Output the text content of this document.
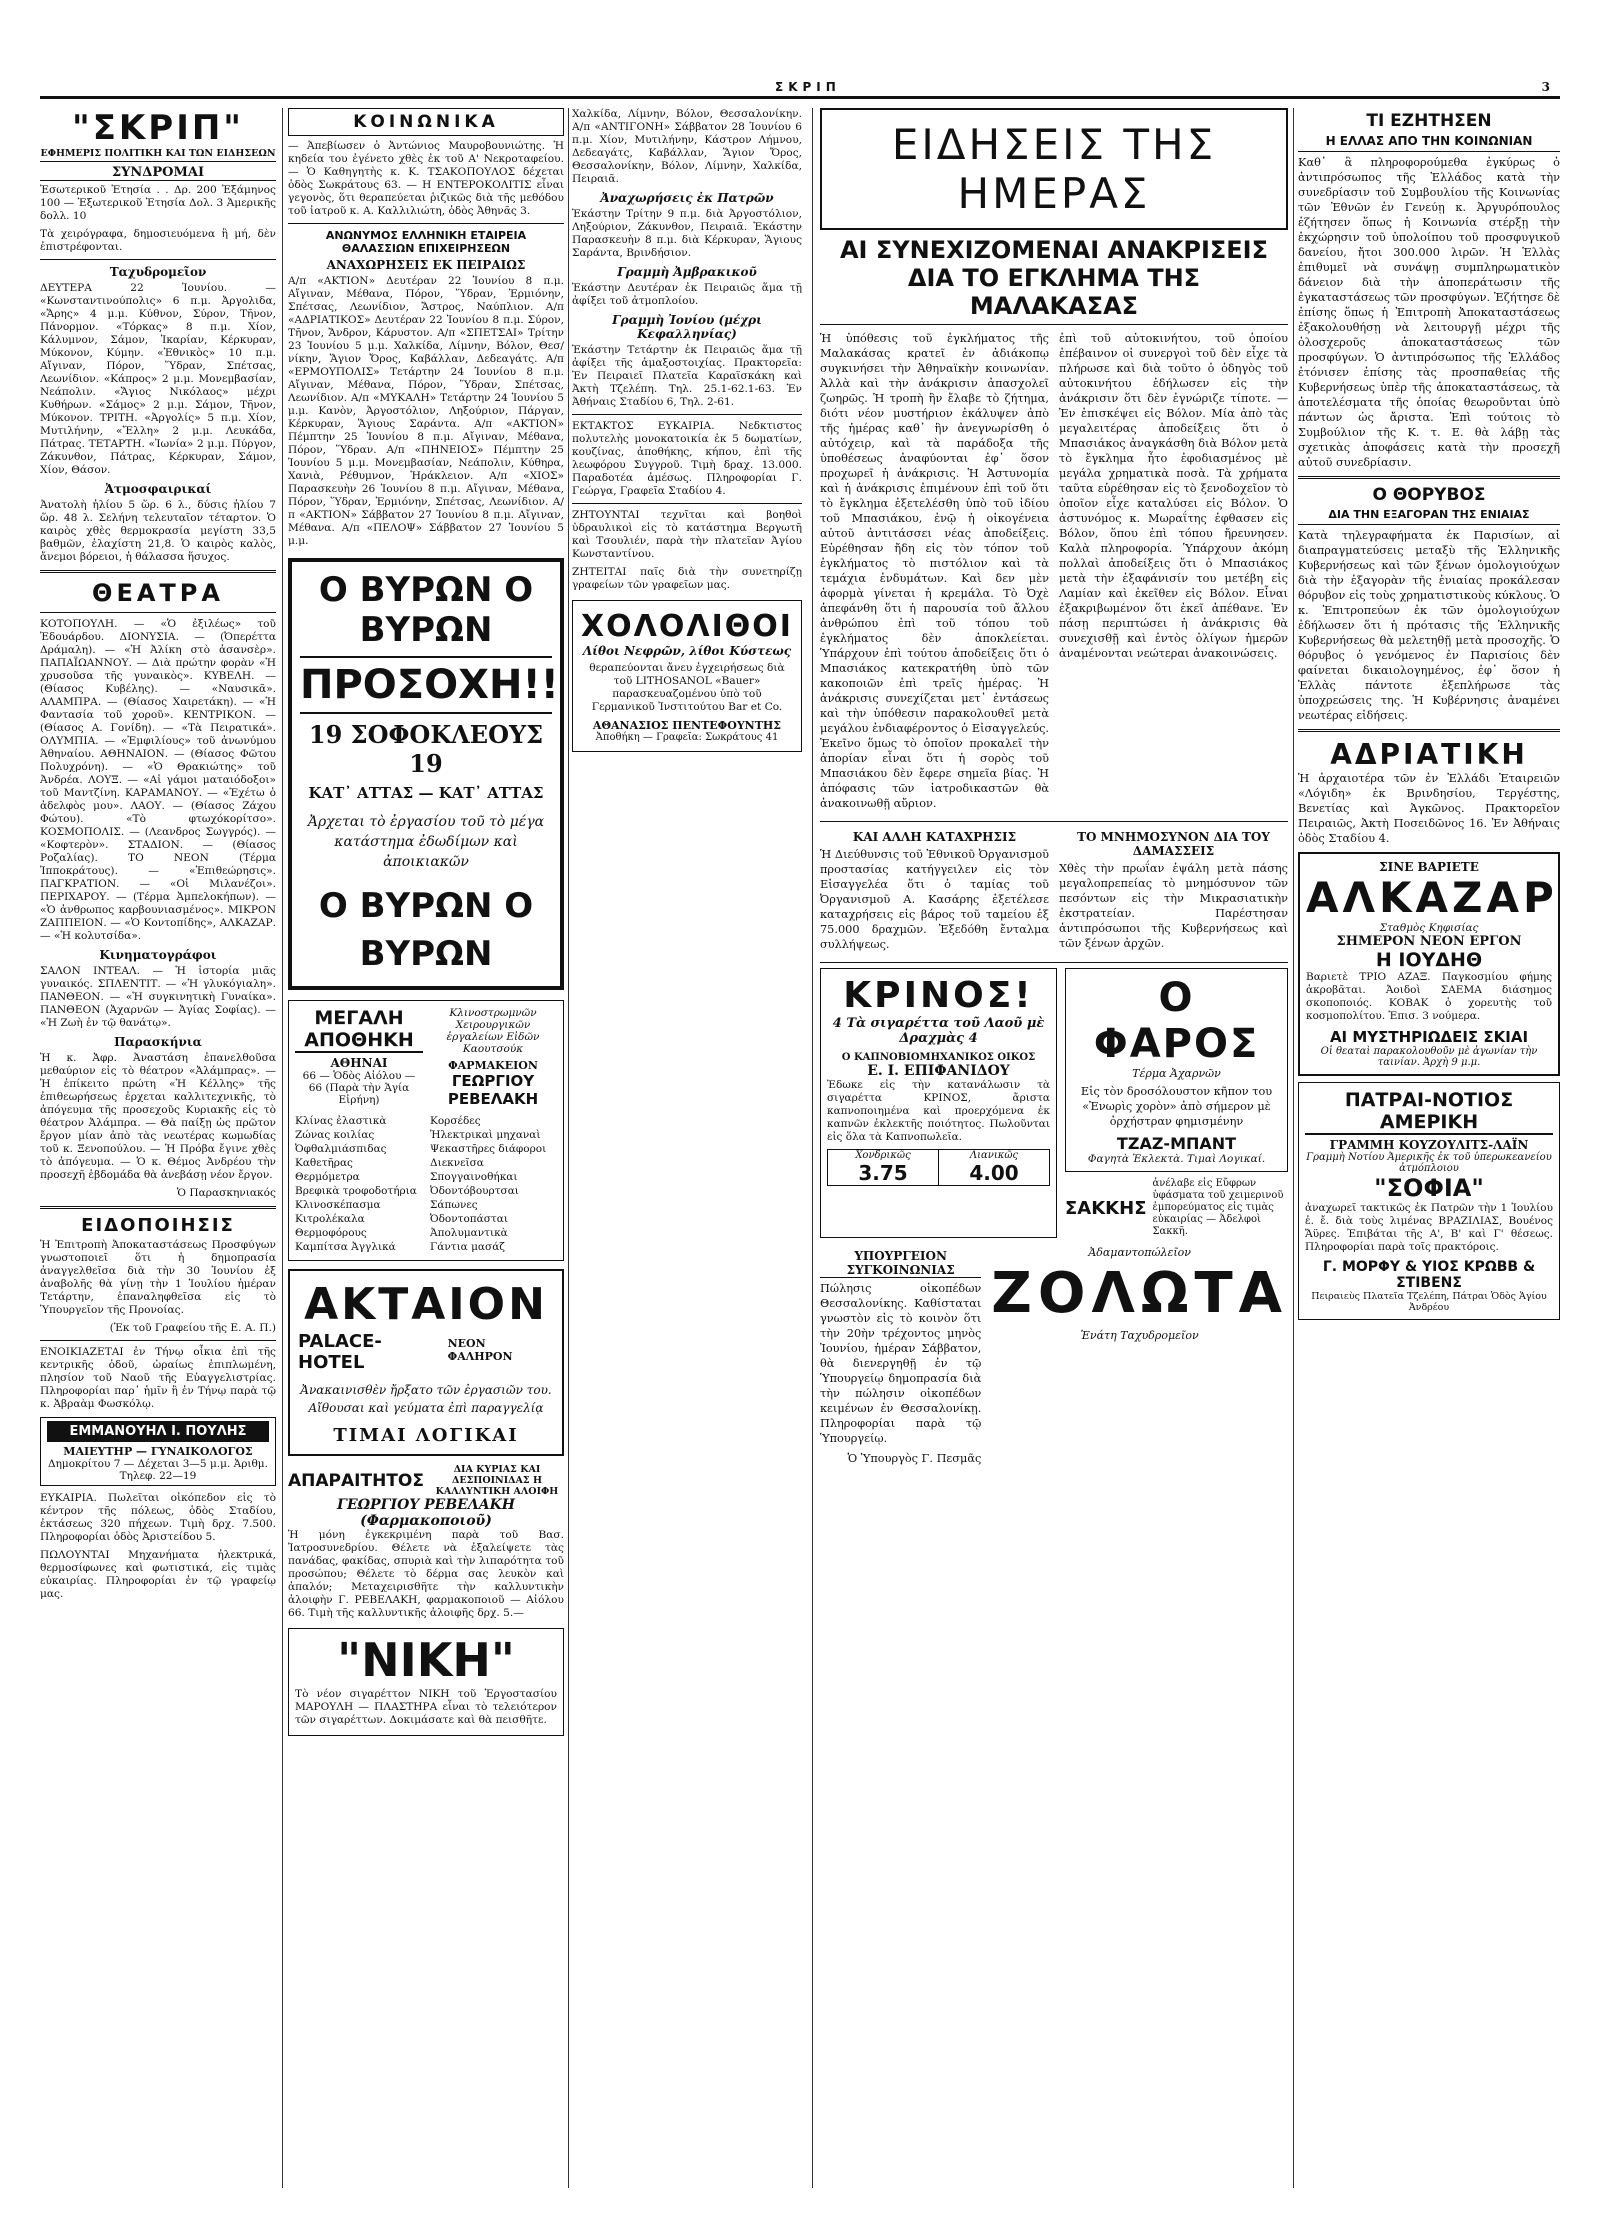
ΣΚΡΙΠ	3
"ΣΚΡΙΠ"
ΕΦΗΜΕΡΙΣ ΠΟΛΙΤΙΚΗ ΚΑΙ ΤΩΝ ΕΙΔΗΣΕΩΝ
ΣΥΝΔΡΟΜΑΙ

Ἐσωτερικοῦ Ἐτησία . . Δρ. 200 Ἑξάμηνος 100 — Ἐξωτερικοῦ Ἐτησία Δολ. 3 Ἀμερικῆς δολλ. 10

Τὰ χειρόγραφα, δημοσιευόμενα ἢ μή, δὲν ἐπιστρέφονται.

Ταχυδρομεῖον

ΔΕΥΤΕΡΑ 22 Ἰουνίου. — «Κωνσταντινούπολις» 6 π.μ. Ἀργολιδα, «Ἄρης» 4 μ.μ. Κύθνον, Σύρον, Τῆνον, Πάνορμον. «Τόρκας» 8 π.μ. Χίον, Κάλυμνον, Σάμον, Ἰκαρίαν, Κέρκυραν, Μύκονον, Κύμην. «Ἐθνικὸς» 10 π.μ. Αἴγιναν, Πόρον, Ὕδραν, Σπέτσας, Λεωνίδιον. «Κάπρος» 2 μ.μ. Μονεμβασίαν, Νεάπολιν. «Ἄγιος Νικόλαος» μέχρι Κυθήρων. «Σάμος» 2 μ.μ. Σάμον, Τῆνον, Μύκονον. ΤΡΙΤΗ. «Ἀργολίς» 5 π.μ. Χίον, Μυτιλήνην, «Ἔλλη» 2 μ.μ. Λευκάδα, Πάτρας. ΤΕΤΑΡΤΗ. «Ἰωνία» 2 μ.μ. Πύργον, Ζάκυνθον, Πάτρας, Κέρκυραν, Σάμον, Χίον, Θάσον.

Ἀτμοσφαιρικαί

Ἀνατολὴ ἡλίου 5 ὥρ. 6 λ., δύσις ἡλίου 7 ὥρ. 48 λ. Σελήνη τελευταῖον τέταρτον. Ὁ καιρὸς χθὲς θερμοκρασία μεγίστη 33,5 βαθμῶν, ἐλαχίστη 21,8. Ὁ καιρὸς καλὸς, ἄνεμοι βόρειοι, ἡ θάλασσα ἥσυχος.

ΘΕΑΤΡΑ

ΚΟΤΟΠΟΥΛΗ. — «Ὁ ἐξιλέως» τοῦ Ἐδουάρδου. ΔΙΟΝΥΣΙΑ. — (Ὀπερέττα Δράμαλη). — «Ἡ Ἀλίκη στὸ ἀσανσὲρ». ΠΑΠΑΪΩΑΝΝΟΥ. — Διὰ πρώτην φορὰν «Ἡ χρυσοῦσα τῆς γυναικὸς». ΚΥΒΕΛΗ. — (Θίασος Κυβέλης). — «Ναυσικᾶ». ΑΛΑΜΠΡΑ. — (Θίασος Χαιρετάκη). — «Ἡ Φαντασία τοῦ χοροῦ». ΚΕΝΤΡΙΚΟΝ. — (Θίασος Α. Γονίδη). — «Τὰ Πειρατικά». ΟΛΥΜΠΙΑ. — «Ἐμφιλίους» τοῦ ἀνωνύμου Ἀθηναίου. ΑΘΗΝΑΙΟΝ. — (Θίασος Φῶτου Πολυχρόνη). — «Ὁ Θρακιώτης» τοῦ Ἀνδρέα. ΛΟΥΞ. — «Αἱ γάμοι ματαιόδοξοι» τοῦ Μαντζίνη. ΚΑΡΑΜΑΝΟΥ. — «Ἐχέτω ὁ ἀδελφὸς μου». ΛΑΟΥ. — (Θίασος Ζάχου Φώτου). «Τὸ φτωχόκορίτσο». ΚΟΣΜΟΠΟΛΙΣ. — (Λεανδρος Σωγγρός). — «Κοφτερὸν». ΣΤΑΔΙΟΝ. — (Θίασος Ροζαλίας). ΤΟ ΝΕΟΝ (Τέρμα Ἰπποκράτους). — «Ἐπιθεώρησις». ΠΑΓΚΡΑΤΙΟΝ. — «Οἱ Μιλανέζοι». ΠΕΡΙΧΑΡΟΥ. — (Τέρμα Ἀμπελοκήπων). — «Ὁ ἀνθρωπος καρβουνιασμένος». ΜΙΚΡΟΝ ΖΑΠΠΕΙΟΝ. — «Ὁ Κοντοπίδης», ΑΛΚΑΖΑΡ. — «Ἡ κολυτσίδα».

Κινηματογράφοι

ΣΑΛΟΝ ΙΝΤΕΑΛ. — Ἡ ἱστορία μιᾶς γυναικός. ΣΠΛΕΝΤΙΤ. — «Ἡ γλυκόγιαλη». ΠΑΝΘΕΟΝ. — «Ἡ συγκινητικὴ Γυναίκα». ΠΑΝΘΕΟΝ (Ἀχαρνῶν — Ἀγίας Σοφίας). — «Ἡ Ζωὴ ἐν τῷ θανάτῳ».

Παρασκήνια

Ἡ κ. Ἀφρ. Ἀναστάση ἐπανελθοῦσα μεθαύριον εἰς τὸ θέατρον «Ἀλάμπρας». — Ἡ ἐπίκειτο πρώτη «Ἡ Κέλλης» τῆς ἐπιθεωρήσεως ἐρχεται καλλιτεχνικῆς, τὸ ἀπόγευμα τῆς προσεχοῦς Κυριακῆς εἰς τὸ θέατρον Ἀλάμπρα. — Θὰ παίξῃ ὡς πρῶτον ἔργον μίαν ἀπὸ τὰς νεωτέρας κωμωδίας τοῦ κ. Ξενοπούλου. — Ἡ Πρόβα ἔγινε χθὲς τὸ ἀπόγευμα. — Ὁ κ. Θέμος Ἀνδρέου τὴν προσεχῆ ἑβδομάδα θὰ ἀνεβάσῃ νέον ἔργον.

Ὁ Παρασκηνιακός

ΕΙΔΟΠΟΙΗΣΙΣ

Ἡ Ἐπιτροπὴ Ἀποκαταστάσεως Προσφύγων γνωστοποιεῖ ὅτι ἡ δημοπρασία ἀναγγελθεῖσα διὰ τὴν 30 Ἰουνίου ἐξ ἀναβολῆς θὰ γίνῃ τὴν 1 Ἰουλίου ἡμέραν Τετάρτην, ἐπαναληφθεῖσα εἰς τὸ Ὑπουργεῖον τῆς Προνοίας.

(Ἐκ τοῦ Γραφείου τῆς Ε. Α. Π.)

ΕΝΟΙΚΙΑΖΕΤΑΙ ἐν Τήνῳ οἶκια ἐπὶ τῆς κεντρικῆς ὁδοῦ, ὡραίως ἐπιπλωμένη, πλησίον τοῦ Ναοῦ τῆς Εὐαγγελιστρίας. Πληροφορίαι παρ᾽ ἡμῖν ἢ ἐν Τήνῳ παρὰ τῷ κ. Ἀβραὰμ Φωσκόλῳ.

ΕΜΜΑΝΟΥΗΛ Ι. ΠΟΥΛΗΣ
ΜΑΙΕΥΤΗΡ — ΓΥΝΑΙΚΟΛΟΓΟΣ
Δημοκρίτου 7 — Δέχεται 3—5 μ.μ. Ἀριθμ. Τηλεφ. 22—19

ΕΥΚΑΙΡΙΑ. Πωλεῖται οἰκόπεδον εἰς τὸ κέντρον τῆς πόλεως, ὁδὸς Σταδίου, ἐκτάσεως 320 πήχεων. Τιμὴ δρχ. 7.500. Πληροφορίαι ὁδὸς Ἀριστείδου 5.

ΠΩΛΟΥΝΤΑΙ Μηχανήματα ἠλεκτρικά, θερμοσίφωνες καὶ φωτιστικά, εἰς τιμὰς εὐκαιρίας. Πληροφορίαι ἐν τῷ γραφείῳ μας.

ΚΟΙΝΩΝΙΚΑ

— Ἀπεβίωσεν ὁ Ἀντώνιος Μαυροβουνιώτης. Ἡ κηδεία του ἐγένετο χθὲς ἐκ τοῦ Α' Νεκροταφείου. — Ὁ Καθηγητὴς κ. Κ. ΤΣΑΚΟΠΟΥΛΟΣ δέχεται ὁδὸς Σωκράτους 63. — Η ΕΝΤΕΡΟΚΟΛΙΤΙΣ εἶναι γεγονὸς, ὅτι θεραπεύεται ῥιζικῶς διὰ τῆς μεθόδου τοῦ ἰατροῦ κ. Α. Καλλιλιώτη, ὁδὸς Ἀθηνᾶς 3.

ΑΝΩΝΥΜΟΣ ΕΛΛΗΝΙΚΗ ΕΤΑΙΡΕΙΑ ΘΑΛΑΣΣΙΩΝ ΕΠΙΧΕΙΡΗΣΕΩΝ
ΑΝΑΧΩΡΗΣΕΙΣ ΕΚ ΠΕΙΡΑΙΩΣ

Α/π «ΑΚΤΙΟΝ» Δευτέραν 22 Ἰουνίου 8 π.μ. Αἴγιναν, Μέθανα, Πόρον, Ὕδραν, Ἑρμιόνην, Σπέτσας, Λεωνίδιον, Ἄστρος, Ναύπλιον. Α/π «ΑΔΡΙΑΤΙΚΟΣ» Δευτέραν 22 Ἰουνίου 8 π.μ. Σύρον, Τῆνον, Ἄνδρον, Κάρυστον. Α/π «ΣΠΕΤΣΑΙ» Τρίτην 23 Ἰουνίου 5 μ.μ. Χαλκίδα, Λίμνην, Βόλον, Θεσ/νίκην, Ἅγιον Ὄρος, Καβάλλαν, Δεδεαγάτς. Α/π «ΕΡΜΟΥΠΟΛΙΣ» Τετάρτην 24 Ἰουνίου 8 π.μ. Αἴγιναν, Μέθανα, Πόρον, Ὕδραν, Σπέτσας, Λεωνίδιον. Α/π «ΜΥΚΑΛΗ» Τετάρτην 24 Ἰουνίου 5 μ.μ. Κανὸν, Ἀργοστόλιον, Ληξούριον, Πάργαν, Κέρκυραν, Ἅγιους Σαράντα. Α/π «ΑΚΤΙΟΝ» Πέμπτην 25 Ἰουνίου 8 π.μ. Αἴγιναν, Μέθανα, Πόρον, Ὕδραν. Α/π «ΠΗΝΕΙΟΣ» Πέμπτην 25 Ἰουνίου 5 μ.μ. Μονεμβασίαν, Νεάπολιν, Κύθηρα, Χανιὰ, Ρέθυμνον, Ἡράκλειον. Α/π «ΧΙΟΣ» Παρασκευὴν 26 Ἰουνίου 8 π.μ. Αἴγιναν, Μέθανα, Πόρον, Ὕδραν, Ἑρμιόνην, Σπέτσας, Λεωνίδιον. Α/π «ΑΚΤΙΟΝ» Σάββατον 27 Ἰουνίου 8 π.μ. Αἴγιναν, Μέθανα. Α/π «ΠΕΛΟΨ» Σάββατον 27 Ἰουνίου 5 μ.μ.

Ο ΒΥΡΩΝ Ο ΒΥΡΩΝ
ΠΡΟΣΟΧΗ!!
19 ΣΟΦΟΚΛΕΟΥΣ 19
ΚΑΤ᾽ ΑΤΤΑΣ — ΚΑΤ᾽ ΑΤΤΑΣ
Ἀρχεται τὸ ἐργασίου τοῦ τὸ μέγα κατάστημα ἐδωδίμων καὶ ἀποικιακῶν
Ο ΒΥΡΩΝ Ο ΒΥΡΩΝ
ΜΕΓΑΛΗ ΑΠΟΘΗΚΗ
ΑΘΗΝΑΙ
66 — Ὁδὸς Αἰόλου — 66 (Παρὰ τὴν Ἁγία Εἰρήνη)
Κλινοστρωμνῶν Χειρουργικῶν ἐργαλείων Εἰδῶν Καουτσούκ
ΦΑΡΜΑΚΕΙΟΝ
ΓΕΩΡΓΙΟΥ ΡΕΒΕΛΑΚΗ
Κλίνας ἐλαστικὰ
Ζώνας κοιλίας
Ὀφθαλμιάσπιδας
Καθετῆρας
Θερμόμετρα
Βρεφικὰ τροφοδοτήρια
Κλινοσκέπασμα
Κιτρολέκαλα
Θερμοφόρους
Καμπίτσα Ἀγγλικά
Κορσέδες
Ἠλεκτρικαὶ μηχαναὶ
Ψεκαστῆρες διάφοροι
Διεκνεῖσα
Σπογγαινοθήκαι
Ὀδοντόβουρτσαι
Σάπωνες
Ὀδοντοπάσται
Ἀπολυμαντικὰ
Γάντια μασάζ
ΑΚΤΑΙΟΝ
PALACE-HOTEL
ΝΕΟΝ ΦΑΛΗΡΟΝ
Ἀνακαινισθὲν ἤρξατο τῶν ἐργασιῶν του. Αἴθουσαι καὶ γεύματα ἐπὶ παραγγελίᾳ
ΤΙΜΑΙ ΛΟΓΙΚΑΙ
ΑΠΑΡΑΙΤΗΤΟΣ
ΔΙΑ ΚΥΡΙΑΣ ΚΑΙ ΔΕΣΠΟΙΝΙΔΑΣ Η ΚΑΛΛΥΝΤΙΚΗ ΑΛΟΙΦΗ
ΓΕΩΡΓΙΟΥ ΡΕΒΕΛΑΚΗ (Φαρμακοποιοῦ)

Ἡ μόνη ἐγκεκριμένη παρὰ τοῦ Βασ. Ἰατροσυνεδρίου. Θέλετε νὰ ἐξαλείψετε τὰς πανάδας, φακίδας, σπυριὰ καὶ τὴν λιπαρότητα τοῦ προσώπου; Θέλετε τὸ δέρμα σας λευκὸν καὶ ἀπαλόν; Μεταχειρισθῆτε τὴν καλλυντικὴν ἀλοιφὴν Γ. ΡΕΒΕΛΑΚΗ, φαρμακοποιοῦ — Αἰόλου 66. Τιμὴ τῆς καλλυντικῆς ἀλοιφῆς δρχ. 5.—

"ΝΙΚΗ"

Τὸ νέον σιγαρέττον ΝΙΚΗ τοῦ Ἐργοστασίου ΜΑΡΟΥΛΗ — ΠΛΑΣΤΗΡΑ εἶναι τὸ τελειότερον τῶν σιγαρέττων. Δοκιμάσατε καὶ θὰ πεισθῆτε.

Χαλκίδα, Λίμνην, Βόλον, Θεσσαλονίκην. Α/π «ΑΝΤΙΓΟΝΗ» Σάββατον 28 Ἰουνίου 6 π.μ. Χίον, Μυτιλήνην, Κάστρον Λήμνου, Δεδεαγάτς, Καβάλλαν, Ἅγιον Ὄρος, Θεσσαλονίκην, Βόλον, Λίμνην, Χαλκίδα, Πειραιᾶ.

Ἀναχωρήσεις ἐκ Πατρῶν

Ἑκάστην Τρίτην 9 π.μ. διὰ Ἀργοστόλιον, Ληξούριον, Ζάκυνθον, Πειραιᾶ. Ἑκάστην Παρασκευὴν 8 π.μ. διὰ Κέρκυραν, Ἅγιους Σαράντα, Βρινδήσιον.

Γραμμὴ Ἀμβρακικοῦ

Ἑκάστην Δευτέραν ἐκ Πειραιῶς ἅμα τῇ ἀφίξει τοῦ ἀτμοπλοίου.

Γραμμὴ Ἰονίου (μέχρι Κεφαλληνίας)

Ἑκάστην Τετάρτην ἐκ Πειραιῶς ἅμα τῇ ἀφίξει τῆς ἁμαξοστοιχίας. Πρακτορεῖα: Ἐν Πειραιεῖ Πλατεῖα Καραϊσκάκη καὶ Ἀκτὴ Τζελέπη. Τηλ. 25.1-62.1-63. Ἐν Ἀθήναις Σταδίου 6, Τηλ. 2-61.

ΕΚΤΑΚΤΟΣ ΕΥΚΑΙΡΙΑ. Νεδκτιστος πολυτελὴς μονοκατοικία ἐκ 5 δωματίων, κουζίνας, ἀποθήκης, κήπου, ἐπὶ τῆς λεωφόρου Συγγροῦ. Τιμὴ δραχ. 13.000. Παραδοτέα ἀμέσως. Πληροφορίαι Γ. Γεώργα, Γραφεῖα Σταδίου 4.

ΖΗΤΟΥΝΤΑΙ τεχνῖται καὶ βοηθοὶ ὑδραυλικοὶ εἰς τὸ κατάστημα Βεργωτῆ καὶ Τσουλιέν, παρὰ τὴν πλατεῖαν Ἀγίου Κωνσταντίνου.

ΖΗΤΕΙΤΑΙ παῖς διὰ τὴν συνετηρίζῃ γραφείων τῶν γραφεῖων μας.

ΧΟΛΟΛΙΘΟΙ
Λίθοι Νεφρῶν, λίθοι Κύστεως

θεραπεύονται ἄνευ ἐγχειρήσεως διὰ τοῦ LITHOSANOL «Bauer» παρασκευαζομένου ὑπὸ τοῦ Γερμανικοῦ Ἰνστιτούτου Bar et Co.

ΑΘΑΝΑΣΙΟΣ ΠΕΝΤΕΦΟΥΝΤΗΣ
Ἀποθήκη — Γραφεῖα: Σωκράτους 41
ΕΙΔΗΣΕΙΣ ΤΗΣ ΗΜΕΡΑΣ
ΑΙ ΣΥΝΕΧΙΖΟΜΕΝΑΙ ΑΝΑΚΡΙΣΕΙΣ
ΔΙΑ ΤΟ ΕΓΚΛΗΜΑ ΤΗΣ ΜΑΛΑΚΑΣΑΣ

Ἡ ὑπόθεσις τοῦ ἐγκλήματος τῆς Μαλακάσας κρατεῖ ἐν ἀδιάκοπῳ συγκινήσει τὴν Ἀθηναϊκὴν κοινωνίαν. Ἀλλὰ καὶ τὴν ἀνάκρισιν ἀπασχολεῖ ζωηρῶς. Ἡ τροπὴ ἣν ἔλαβε τὸ ζήτημα, διότι νέον μυστήριον ἐκάλυψεν ἀπὸ τῆς ἡμέρας καθ᾽ ἣν ἀνεγνωρίσθη ὁ αὐτόχειρ, καὶ τὰ παράδοξα τῆς ὑποθέσεως ἀναφύονται ἐφ᾽ ὅσον προχωρεῖ ἡ ἀνάκρισις. Ἡ Ἀστυνομία καὶ ἡ ἀνάκρισις ἐπιμένουν ἐπὶ τοῦ ὅτι τὸ ἔγκλημα ἐξετελέσθη ὑπὸ τοῦ ἰδίου τοῦ Μπασιάκου, ἐνῷ ἡ οἰκογένεια αὐτοῦ ἀντιτάσσει νέας ἀποδείξεις. Εὑρέθησαν ἤδη εἰς τὸν τόπον τοῦ ἐγκλήματος τὸ πιστόλιον καὶ τὰ τεμάχια ἐνδυμάτων. Καὶ δεν μὲν ἀφορμὰ γίνεται ἡ κρεμάλα. Τὸ Ὀχὲ ἀπεφάνθη ὅτι ἡ παρουσία τοῦ ἄλλου ἀνθρώπου ἐπὶ τοῦ τόπου τοῦ ἐγκλήματος δὲν ἀποκλείεται. Ὑπάρχουν ἐπὶ τούτου ἀποδείξεις ὅτι ὁ Μπασιάκος κατεκρατήθη ὑπὸ τῶν κακοποιῶν ἐπὶ τρεῖς ἡμέρας. Ἡ ἀνάκρισις συνεχίζεται μετ᾽ ἐντάσεως καὶ τὴν ὑπόθεσιν παρακολουθεῖ μετὰ μεγάλου ἐνδιαφέροντος ὁ Εἰσαγγελεύς. Ἐκεῖνο ὅμως τὸ ὁποῖον προκαλεῖ τὴν ἀπορίαν εἶναι ὅτι ἡ σορὸς τοῦ Μπασιάκου δὲν ἔφερε σημεῖα βίας. Ἡ ἀπόφασις τῶν ἰατροδικαστῶν θὰ ἀνακοινωθῇ αὔριον.

ἐπὶ τοῦ αὐτοκινήτου, τοῦ ὁποίου ἐπέβαινον οἱ συνεργοὶ τοῦ δὲν εἶχε τὰ πλήρωσε καὶ διὰ τοῦτο ὁ ὁδηγὸς τοῦ αὐτοκινήτου ἐδήλωσεν εἰς τὴν ἀνάκρισιν ὅτι δὲν ἐγνώριζε τίποτε. — Ἐν ἐπισκέψει εἰς Βόλον. Μία ἀπὸ τὰς μεγαλειτέρας ἀποδείξεις ὅτι ὁ Μπασιάκος ἀναγκάσθη διὰ Βόλον μετὰ τὸ ἔγκλημα ἦτο ἐφοδιασμένος μὲ μεγάλα χρηματικὰ ποσὰ. Τὰ χρήματα ταῦτα εὑρέθησαν εἰς τὸ ξενοδοχεῖον τὸ ὁποῖον εἶχε καταλύσει εἰς Βόλον. Ὁ ἀστυνόμος κ. Μωραΐτης ἐφθασεν εἰς Βόλον, ὅπου ἐπὶ τόπου ἤρευνησεν. Καλὰ πληροφορία. Ὑπάρχουν ἀκόμη πολλαὶ ἀποδείξεις ὅτι ὁ Μπασιάκος μετὰ τὴν ἐξαφάνισίν του μετέβη εἰς Λαμίαν καὶ ἐκεῖθεν εἰς Βόλον. Εἶναι ἐξακριβωμένον ὅτι ἐκεῖ ἀπέθανε. Ἐν πάσῃ περιπτώσει ἡ ἀνάκρισις θὰ συνεχισθῇ καὶ ἐντὸς ὀλίγων ἡμερῶν ἀναμένονται νεώτεραι ἀνακοινώσεις.

ΚΑΙ ΑΛΛΗ ΚΑΤΑΧΡΗΣΙΣ

Ἡ Διεύθυνσις τοῦ Ἐθνικοῦ Ὀργανισμοῦ προστασίας κατήγγειλεν εἰς τὸν Εἰσαγγελέα ὅτι ὁ ταμίας τοῦ Ὀργανισμοῦ Α. Κασάρης ἐξετέλεσε καταχρήσεις εἰς βάρος τοῦ ταμείου ἐξ 75.000 δραχμῶν. Ἐξεδόθη ἔνταλμα συλλήψεως.

ΤΟ ΜΝΗΜΟΣΥΝΟΝ ΔΙΑ ΤΟΥ ΔΑΜΑΣΣΕΙΣ

Χθὲς τὴν πρωΐαν ἐψάλη μετὰ πάσης μεγαλοπρεπείας τὸ μνημόσυνον τῶν πεσόντων εἰς τὴν Μικρασιατικὴν ἐκστρατείαν. Παρέστησαν ἀντιπρόσωποι τῆς Κυβερνήσεως καὶ τῶν ξένων ἀρχῶν.

ΚΡΙΝΟΣ!
4 Τὰ σιγαρέττα τοῦ Λαοῦ μὲ Δραχμὰς 4
Ο ΚΑΠΝΟΒΙΟΜΗΧΑΝΙΚΟΣ ΟΙΚΟΣ
Ε. Ι. ΕΠΙΦΑΝΙΔΟΥ

Ἐδωκε εἰς τὴν κατανάλωσιν τὰ σιγαρέττα ΚΡΙΝΟΣ, ἄριστα καπνοποιημένα καὶ προερχόμενα ἐκ καπνῶν ἐκλεκτῆς ποιότητος. Πωλοῦνται εἰς ὅλα τὰ Καπνοπωλεῖα.

Χονδρικῶς
3.75
Λιανικῶς
4.00
Ο ΦΑΡΟΣ
Τέρμα Ἀχαρνῶν

Εἰς τὸν δροσόλουστον κῆπον του «Ἐνωρὶς χορὸν» ἀπὸ σήμερον μὲ ὀρχήστραν φημισμένην

ΤΖΑΖ-ΜΠΑΝΤ
Φαγητὰ Ἐκλεκτὰ. Τιμαὶ Λογικαί.
ΣΑΚΚΗΣ
ἀνέλαβε εἰς Εὔφρων ὑφάσματα τοῦ χειμερινοῦ ἐμπορεύματος εἰς τιμὰς εὐκαιρίας — Ἀδελφοὶ Σακκῆ.
ΥΠΟΥΡΓΕΙΟΝ ΣΥΓΚΟΙΝΩΝΙΑΣ

Πώλησις οἰκοπέδων Θεσσαλονίκης. Καθίσταται γνωστὸν εἰς τὸ κοινὸν ὅτι τὴν 20ὴν τρέχοντος μηνὸς Ἰουνίου, ἡμέραν Σάββατον, θὰ διενεργηθῇ ἐν τῷ Ὑπουργείῳ δημοπρασία διὰ τὴν πώλησιν οἰκοπέδων κειμένων ἐν Θεσσαλονίκῃ. Πληροφορίαι παρὰ τῷ Ὑπουργείῳ.

Ὁ Ὑπουργὸς Γ. Πεσμᾶς

Ἀδαμαντοπώλεῖον
ΖΟΛΩΤΑ
Ἑνάτη Ταχυδρομεῖον
ΤΙ ΕΖΗΤΗΣΕΝ
Η ΕΛΛΑΣ ΑΠΟ ΤΗΝ ΚΟΙΝΩΝΙΑΝ

Καθ᾽ ἃ πληροφορούμεθα ἐγκύρως ὁ ἀντιπρόσωπος τῆς Ἑλλάδος κατὰ τὴν συνεδρίασιν τοῦ Συμβουλίου τῆς Κοινωνίας τῶν Ἐθνῶν ἐν Γενεύῃ κ. Ἀργυρόπουλος ἐζήτησεν ὅπως ἡ Κοινωνία στέρξῃ τὴν ἐκχώρησιν τοῦ ὑπολοίπου τοῦ προσφυγικοῦ δανείου, ἤτοι 300.000 λιρῶν. Ἡ Ἑλλὰς ἐπιθυμεῖ νὰ συνάψῃ συμπληρωματικὸν δάνειον διὰ τὴν ἀποπεράτωσιν τῆς ἐγκαταστάσεως τῶν προσφύγων. Ἐζήτησε δὲ ἐπίσης ὅπως ἡ Ἐπιτροπὴ Ἀποκαταστάσεως ἐξακολουθήσῃ νὰ λειτουργῇ μέχρι τῆς ὁλοσχεροῦς ἀποκαταστάσεως τῶν προσφύγων. Ὁ ἀντιπρόσωπος τῆς Ἑλλάδος ἐτόνισεν ἐπίσης τὰς προσπαθείας τῆς Κυβερνήσεως ὑπὲρ τῆς ἀποκαταστάσεως, τὰ ἀποτελέσματα τῆς ὁποίας θεωροῦνται ὑπὸ πάντων ὡς ἄριστα. Ἐπὶ τούτοις τὸ Συμβούλιον τῆς Κ. τ. Ε. θὰ λάβῃ τὰς σχετικὰς ἀποφάσεις κατὰ τὴν προσεχῆ αὐτοῦ συνεδρίασιν.

Ο ΘΟΡΥΒΟΣ
ΔΙΑ ΤΗΝ ΕΞΑΓΟΡΑΝ ΤΗΣ ΕΝΙΑΙΑΣ

Κατὰ τηλεγραφήματα ἐκ Παρισίων, αἱ διαπραγματεύσεις μεταξὺ τῆς Ἑλληνικῆς Κυβερνήσεως καὶ τῶν ξένων ὁμολογιούχων διὰ τὴν ἐξαγορὰν τῆς ἑνιαίας προκάλεσαν θόρυβον εἰς τοὺς χρηματιστικοὺς κύκλους. Ὁ κ. Ἐπιτροπεύων ἐκ τῶν ὁμολογιούχων ἐδήλωσεν ὅτι ἡ πρότασις τῆς Ἑλληνικῆς Κυβερνήσεως θὰ μελετηθῇ μετὰ προσοχῆς. Ὁ θόρυβος ὁ γενόμενος ἐν Παρισίοις δὲν φαίνεται δικαιολογημένος, ἐφ᾽ ὅσον ἡ Ἑλλὰς πάντοτε ἐξεπλήρωσε τὰς ὑποχρεώσεις της. Ἡ Κυβέρνησις ἀναμένει νεωτέρας εἰδήσεις.

ΑΔΡΙΑΤΙΚΗ

Ἡ ἀρχαιοτέρα τῶν ἐν Ἑλλάδι Ἑταιρειῶν «Λόγιδη» ἐκ Βρινδησίου, Τεργέστης, Βενετίας καὶ Ἀγκῶνος. Πρακτορεῖον Πειραιῶς, Ἀκτὴ Ποσειδῶνος 16. Ἐν Ἀθήναις ὁδὸς Σταδίου 4.

ΣΙΝΕ ΒΑΡΙΕΤΕ
ΑΛΚΑΖΑΡ
Σταθμὸς Κηφισίας
ΣΗΜΕΡΟΝ ΝΕΟΝ ΕΡΓΟΝ
Η ΙΟΥΔΗΘ

Βαριετὲ ΤΡΙΟ ΑΖΑΞ. Παγκοσμίου φήμης ἀκροβᾶται. Ἀοιδοὶ ΣΑΕΜΑ διάσημος σκοποποιός. ΚΟΒΑΚ ὁ χορευτὴς τοῦ κοσμοπολίτου. Ἐπισ. 3 νούμερα.

ΑΙ ΜΥΣΤΗΡΙΩΔΕΙΣ ΣΚΙΑΙ
Οἱ θεαταὶ παρακολουθοῦν μὲ ἀγωνίαν τὴν ταινίαν. Ἀρχὴ 9 μ.μ.
ΠΑΤΡΑΙ-ΝΟΤΙΟΣ ΑΜΕΡΙΚΗ
ΓΡΑΜΜΗ ΚΟΥΖΟΥΛΙΤΣ-ΛΑΪΝ
Γραμμὴ Νοτίου Ἀμερικῆς ἐκ τοῦ ὑπερωκεανείου ἀτμόπλοιου
"ΣΟΦΙΑ"

ἀναχωρεῖ τακτικῶς ἐκ Πατρῶν τὴν 1 Ἰουλίου ἐ. ἔ. διὰ τοὺς λιμένας ΒΡΑΖΙΛΙΑΣ, Βουένος Ἄϋρες. Ἐπιβάται τῆς Α', Β' καὶ Γ' θέσεως. Πληροφορίαι παρὰ τοῖς πρακτόροις.

Γ. ΜΟΡΦΥ & ΥΙΟΣ ΚΡΩΒΒ & ΣΤΙΒΕΝΣ
Πειραιεὺς Πλατεῖα Τζελέπη, Πάτραι Ὁδὸς Ἁγίου Ἀνδρέου
